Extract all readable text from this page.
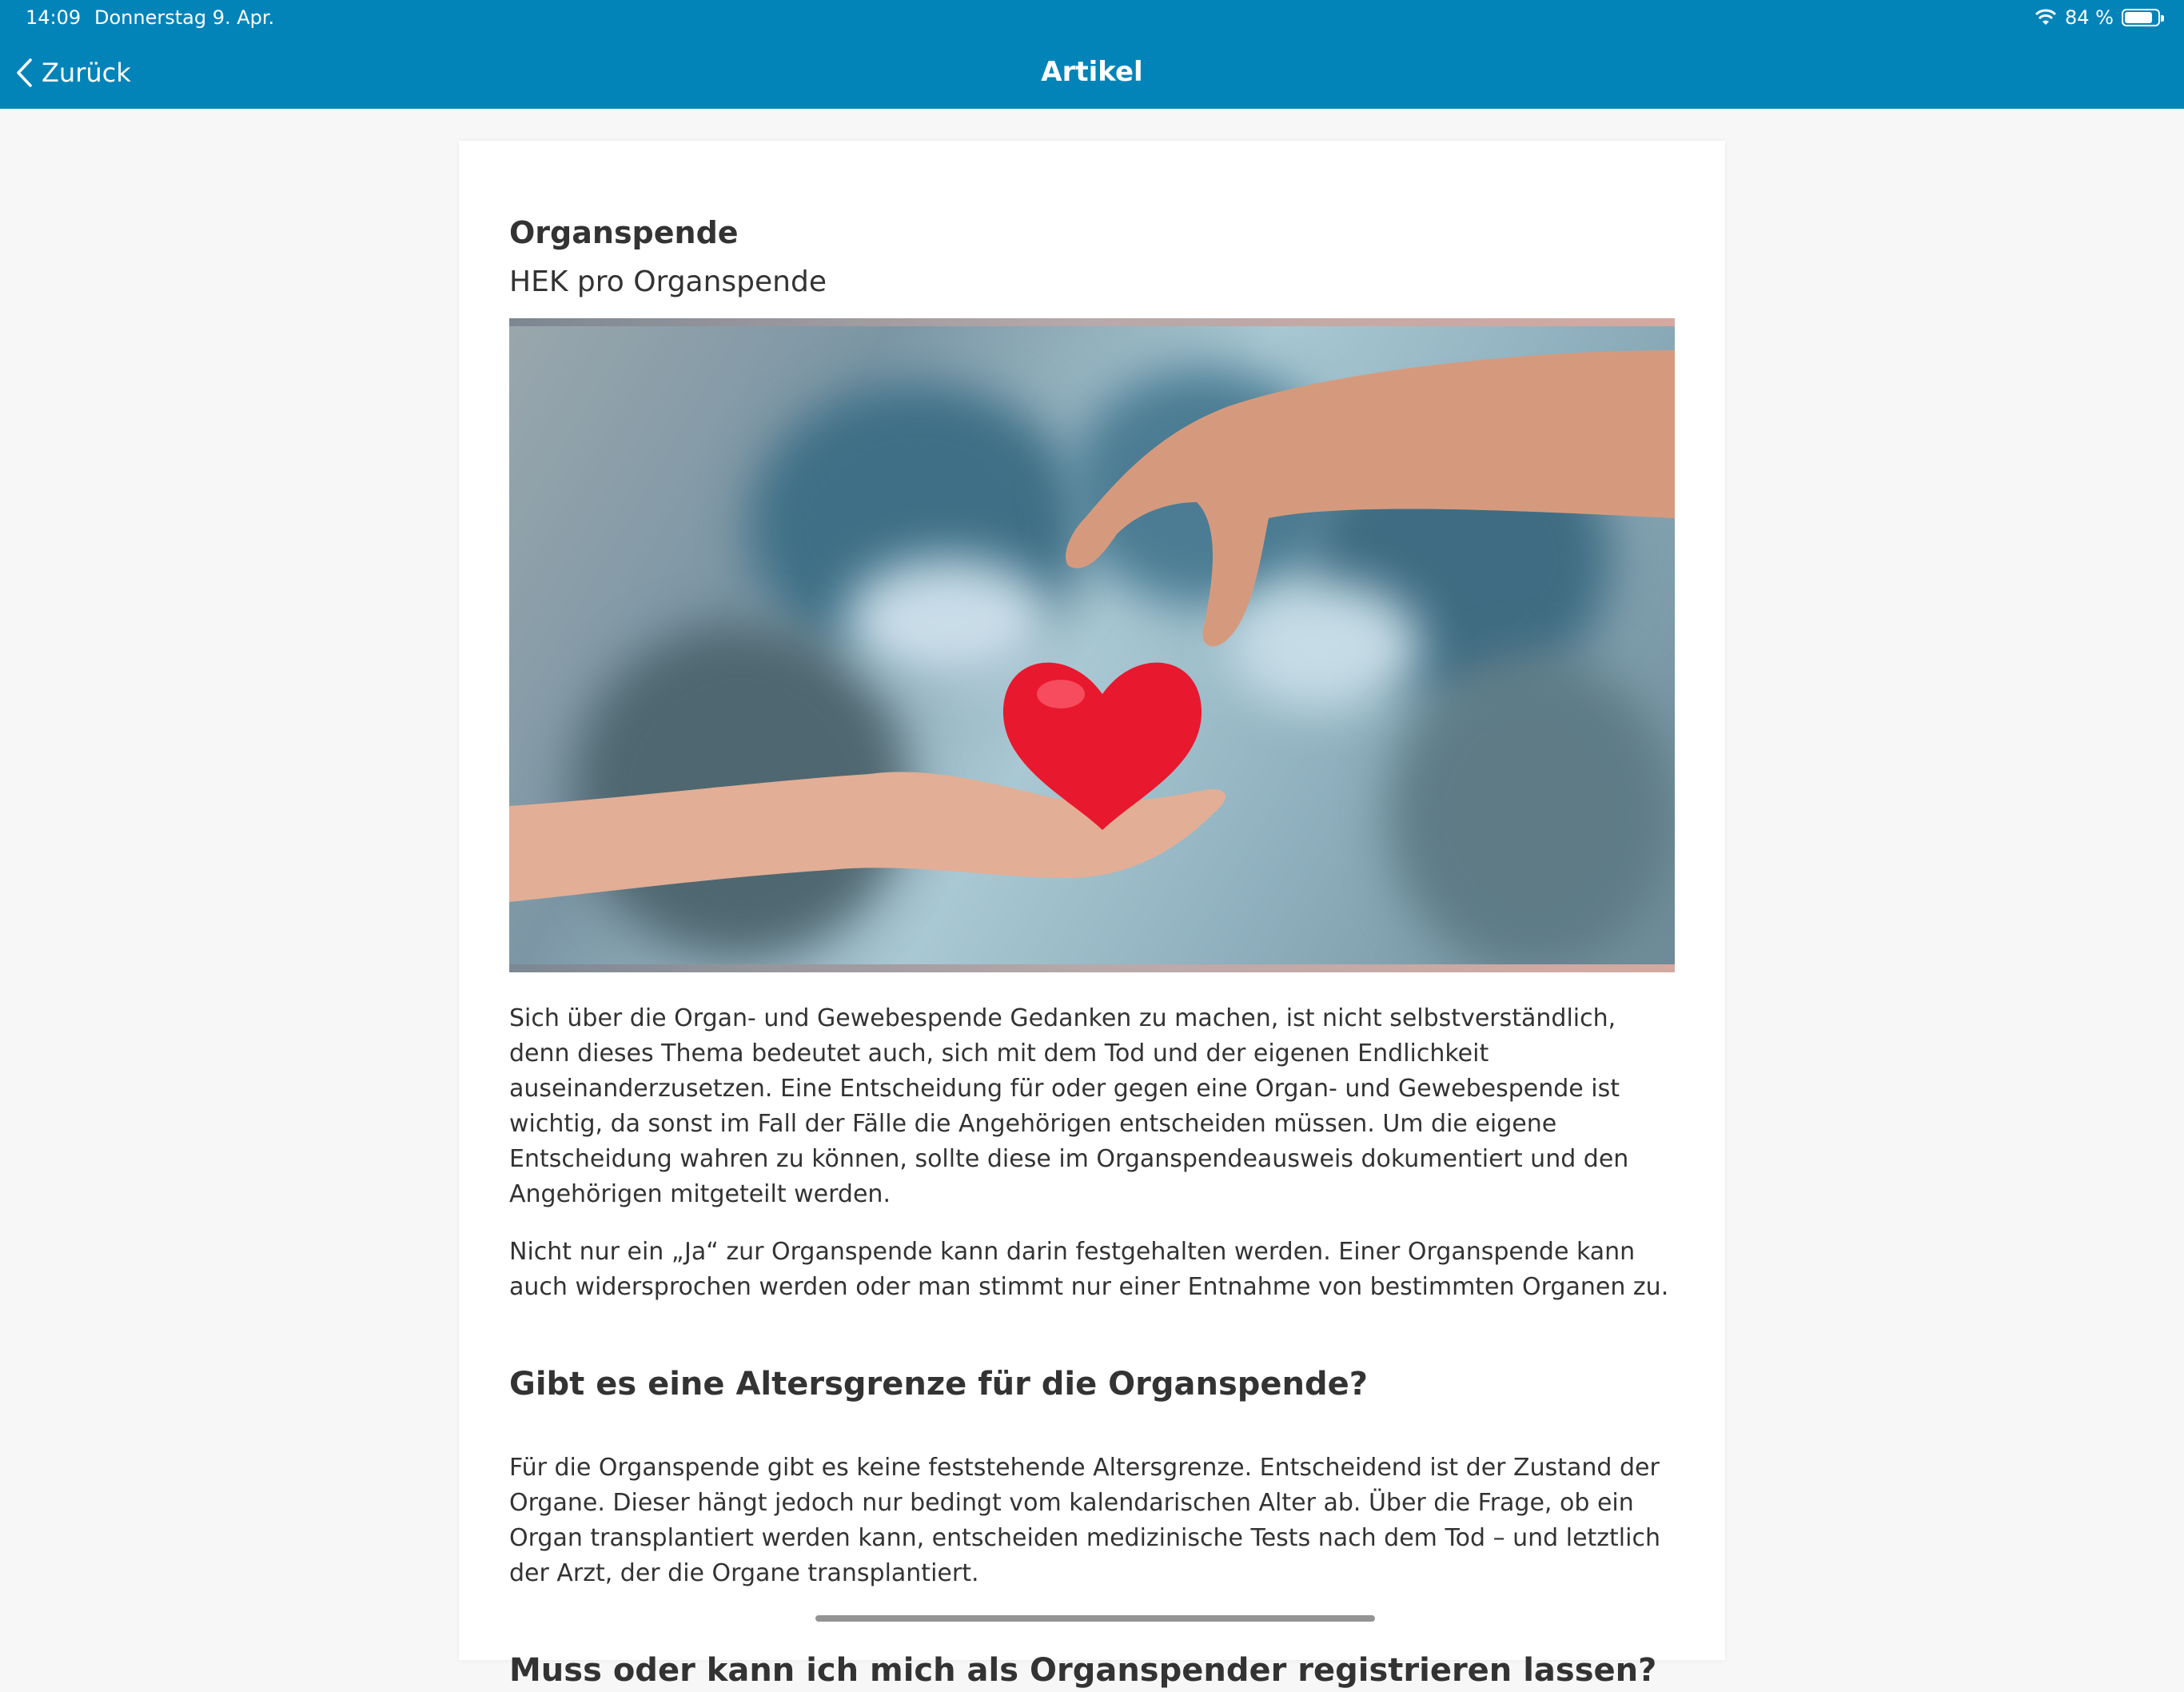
14:09 Donnerstag 9. Apr.	84 %
Zurück	Artikel
Organspende
HEK pro Organspende

Sich über die Organ- und Gewebespende Gedanken zu machen, ist nicht selbstverständlich, denn dieses Thema bedeutet auch, sich mit dem Tod und der eigenen Endlichkeit auseinanderzusetzen. Eine Entscheidung für oder gegen eine Organ- und Gewebespende ist wichtig, da sonst im Fall der Fälle die Angehörigen entscheiden müssen. Um die eigene Entscheidung wahren zu können, sollte diese im Organspendeausweis dokumentiert und den Angehörigen mitgeteilt werden.

Nicht nur ein „Ja“ zur Organspende kann darin festgehalten werden. Einer Organspende kann auch widersprochen werden oder man stimmt nur einer Entnahme von bestimmten Organen zu.

Gibt es eine Altersgrenze für die Organspende?

Für die Organspende gibt es keine feststehende Altersgrenze. Entscheidend ist der Zustand der Organe. Dieser hängt jedoch nur bedingt vom kalendarischen Alter ab. Über die Frage, ob ein Organ transplantiert werden kann, entscheiden medizinische Tests nach dem Tod – und letztlich der Arzt, der die Organe transplantiert.

Muss oder kann ich mich als Organspender registrieren lassen?
